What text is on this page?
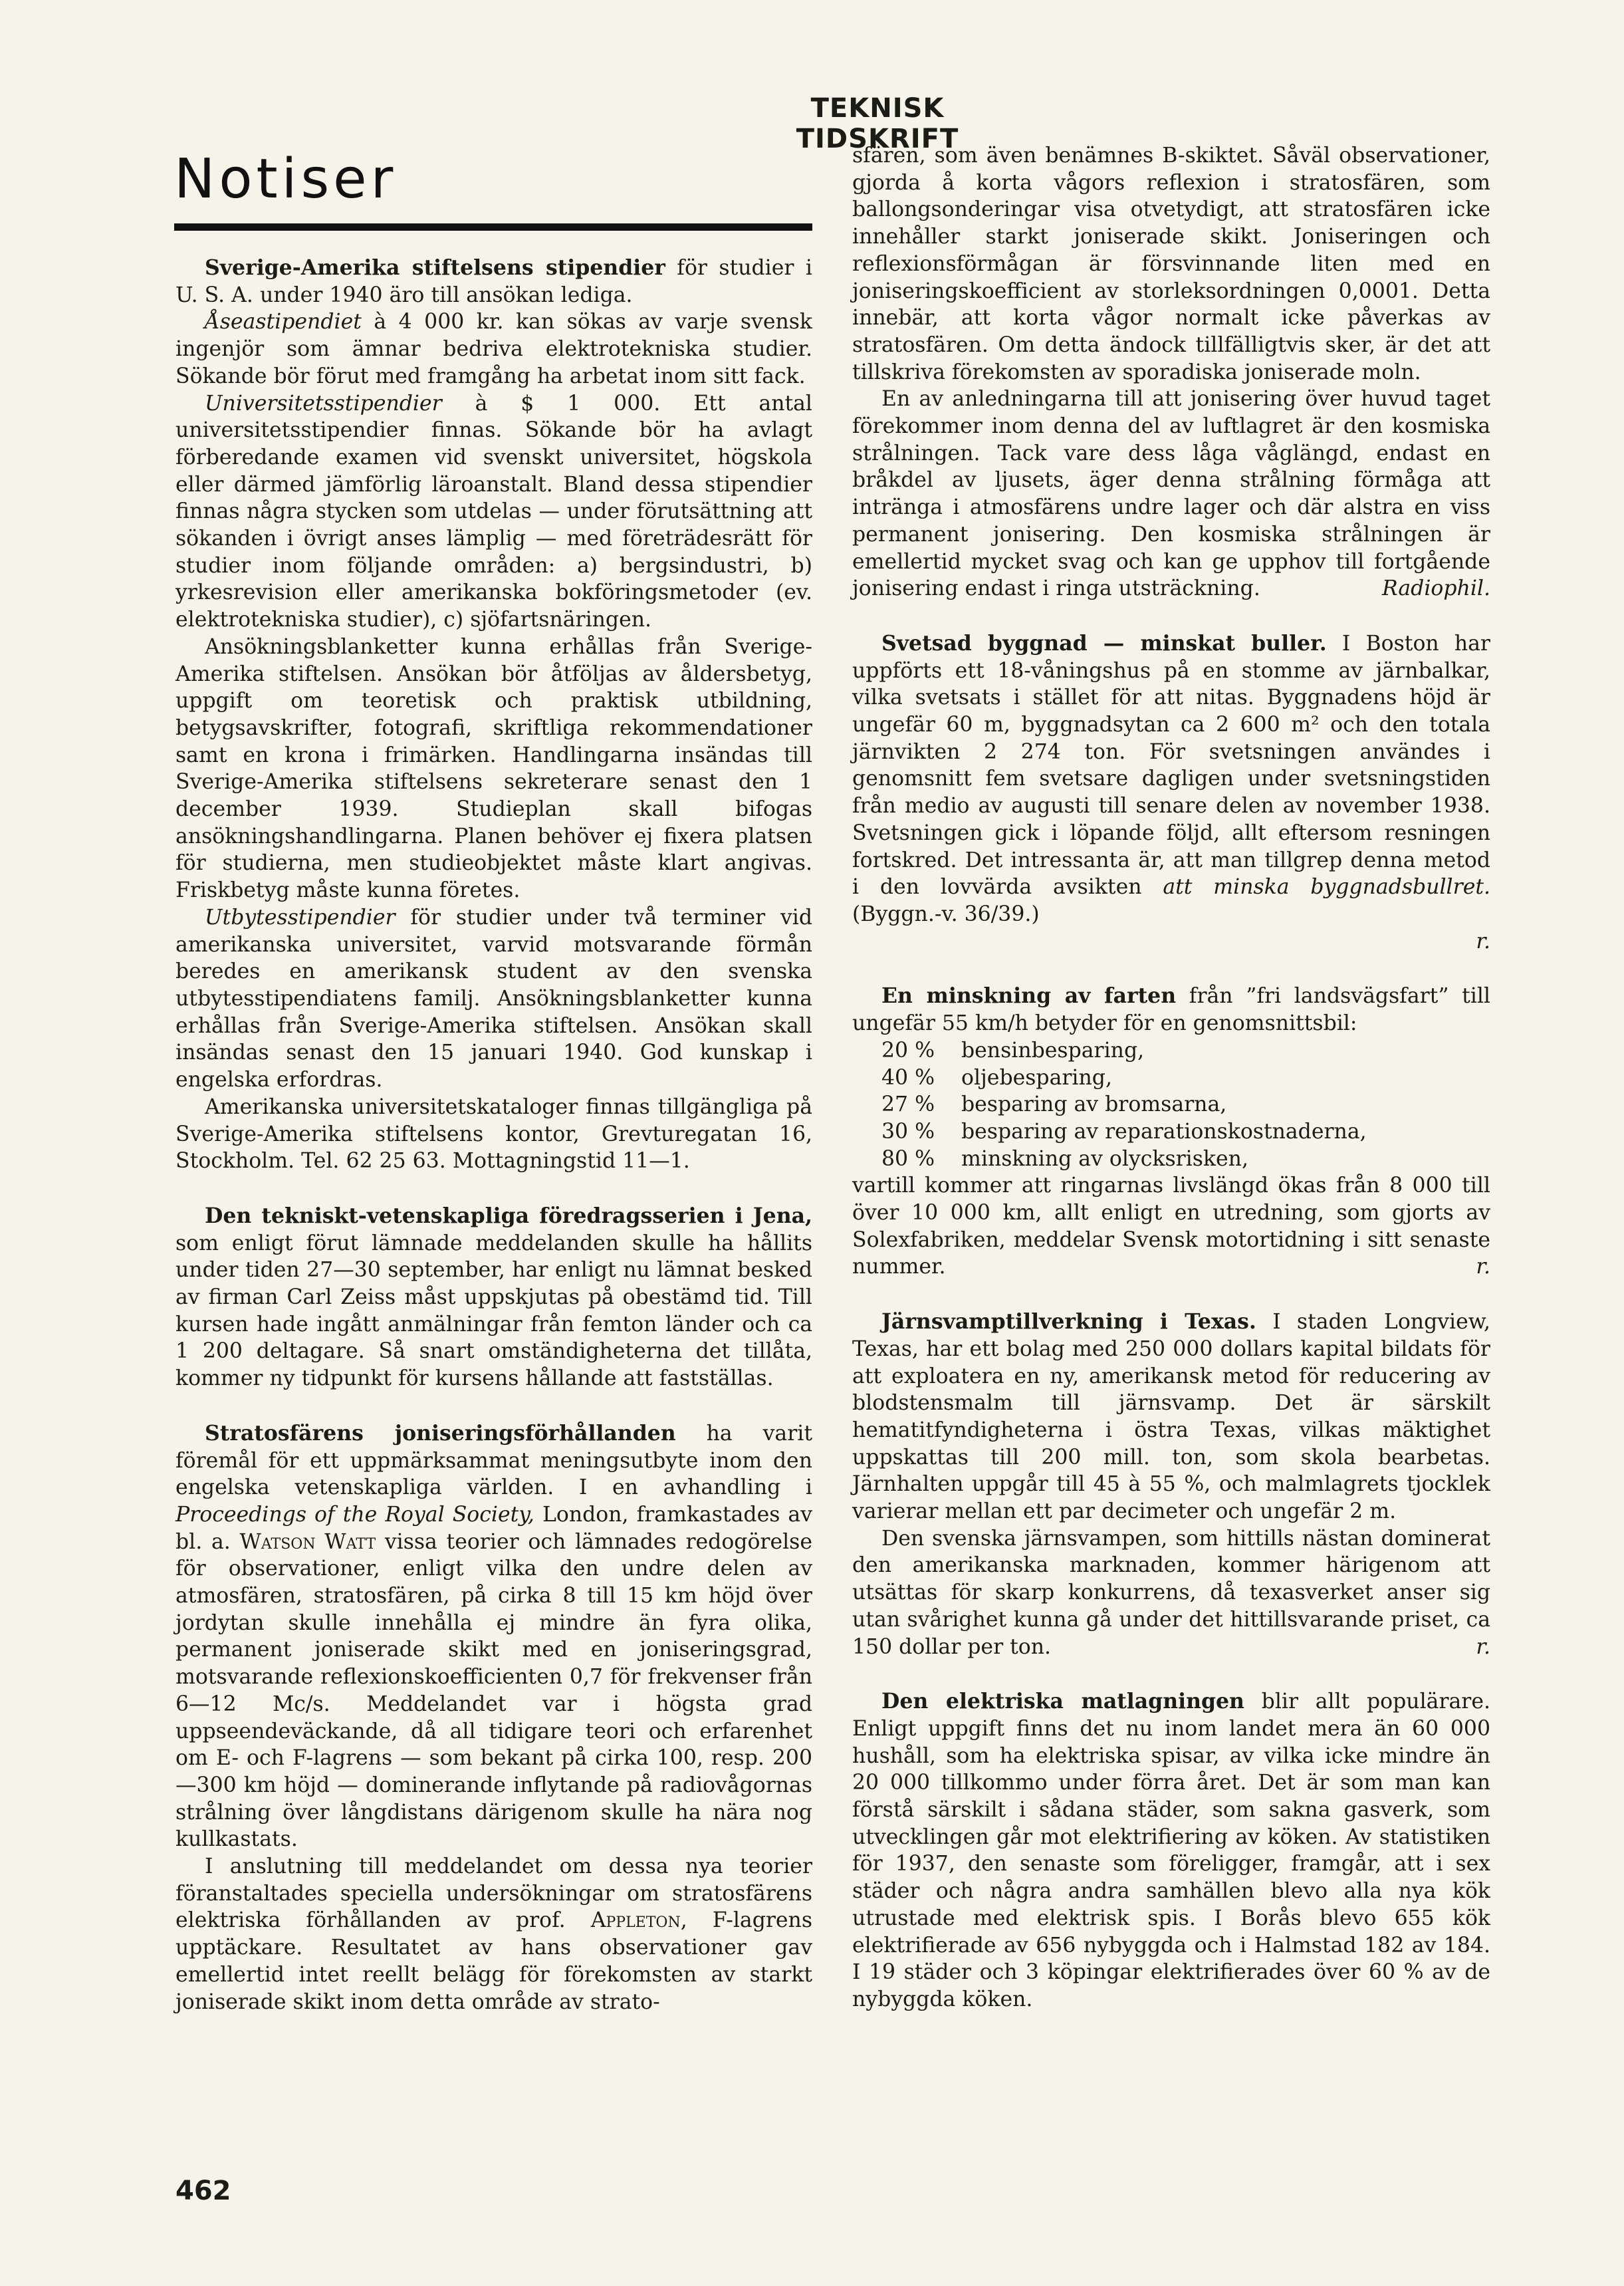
TEKNISK TIDSKRIFT
Notiser

Sverige-Amerika stiftelsens stipendier för studier i U. S. A. under 1940 äro till ansökan lediga.

Åseastipendiet à 4 000 kr. kan sökas av varje svensk ingenjör som ämnar bedriva elektrotekniska studier. Sökande bör förut med framgång ha arbetat inom sitt fack.

Universitetsstipendier à $ 1 000. Ett antal universitetsstipendier finnas. Sökande bör ha avlagt förberedande examen vid svenskt universitet, högskola eller därmed jämförlig läroanstalt. Bland dessa stipendier finnas några stycken som utdelas — under förutsättning att sökanden i övrigt anses lämplig — med företrädesrätt för studier inom följande områden: a) bergsindustri, b) yrkesrevision eller amerikanska bokföringsmetoder (ev. elektrotekniska studier), c) sjöfartsnäringen.

Ansökningsblanketter kunna erhållas från Sverige-Amerika stiftelsen. Ansökan bör åtföljas av åldersbetyg, uppgift om teoretisk och praktisk utbildning, betygsavskrifter, fotografi, skriftliga rekommendationer samt en krona i frimärken. Handlingarna insändas till Sverige-Amerika stiftelsens sekreterare senast den 1 december 1939. Studieplan skall bifogas ansökningshandlingarna. Planen behöver ej fixera platsen för studierna, men studieobjektet måste klart angivas. Friskbetyg måste kunna företes.

Utbytesstipendier för studier under två terminer vid amerikanska universitet, varvid motsvarande förmån beredes en amerikansk student av den svenska utbytesstipendiatens familj. Ansökningsblanketter kunna erhållas från Sverige-Amerika stiftelsen. Ansökan skall insändas senast den 15 januari 1940. God kunskap i engelska erfordras.

Amerikanska universitetskataloger finnas tillgängliga på Sverige-Amerika stiftelsens kontor, Grevturegatan 16, Stockholm. Tel. 62 25 63. Mottagningstid 11—1.

Den tekniskt-vetenskapliga föredragsserien i Jena, som enligt förut lämnade meddelanden skulle ha hållits under tiden 27—30 september, har enligt nu lämnat besked av firman Carl Zeiss måst uppskjutas på obestämd tid. Till kursen hade ingått anmälningar från femton länder och ca 1 200 deltagare. Så snart omständigheterna det tillåta, kommer ny tidpunkt för kursens hållande att fastställas.

Stratosfärens joniseringsförhållanden ha varit föremål för ett uppmärksammat meningsutbyte inom den engelska vetenskapliga världen. I en avhandling i Proceedings of the Royal Society, London, framkastades av bl. a. Watson Watt vissa teorier och lämnades redogörelse för observationer, enligt vilka den undre delen av atmosfären, stratosfären, på cirka 8 till 15 km höjd över jordytan skulle innehålla ej mindre än fyra olika, permanent joniserade skikt med en joniseringsgrad, motsvarande reflexionskoefficienten 0,7 för frekvenser från 6—12 Mc/s. Meddelandet var i högsta grad uppseendeväckande, då all tidigare teori och erfarenhet om E- och F-lagrens — som bekant på cirka 100, resp. 200—300 km höjd — dominerande inflytande på radiovågornas strålning över långdistans därigenom skulle ha nära nog kullkastats.

I anslutning till meddelandet om dessa nya teorier föranstaltades speciella undersökningar om stratosfärens elektriska förhållanden av prof. Appleton, F-lagrens upptäckare. Resultatet av hans observationer gav emellertid intet reellt belägg för förekomsten av starkt joniserade skikt inom detta område av strato-

sfären, som även benämnes B-skiktet. Såväl observationer, gjorda å korta vågors reflexion i stratosfären, som ballongsonderingar visa otvetydigt, att stratosfären icke innehåller starkt joniserade skikt. Joniseringen och reflexionsförmågan är försvinnande liten med en joniseringskoefficient av storleksordningen 0,0001. Detta innebär, att korta vågor normalt icke påverkas av stratosfären. Om detta ändock tillfälligtvis sker, är det att tillskriva förekomsten av sporadiska joniserade moln.

En av anledningarna till att jonisering över huvud taget förekommer inom denna del av luftlagret är den kosmiska strålningen. Tack vare dess låga våglängd, endast en bråkdel av ljusets, äger denna strålning förmåga att intränga i atmosfärens undre lager och där alstra en viss permanent jonisering. Den kosmiska strålningen är emellertid mycket svag och kan ge upphov till fortgående jonisering endast i ringa utsträckning.	Radiophil.

Svetsad byggnad — minskat buller. I Boston har uppförts ett 18-våningshus på en stomme av järnbalkar, vilka svetsats i stället för att nitas. Byggnadens höjd är ungefär 60 m, byggnadsytan ca 2 600 m² och den totala järnvikten 2 274 ton. För svetsningen användes i genomsnitt fem svetsare dagligen under svetsningstiden från medio av augusti till senare delen av november 1938. Svetsningen gick i löpande följd, allt eftersom resningen fortskred. Det intressanta är, att man tillgrep denna metod i den lovvärda avsikten att minska byggnadsbullret. (Byggn.-v. 36/39.)

r.

En minskning av farten från ”fri landsvägsfart” till ungefär 55 km/h betyder för en genomsnittsbil:

20 % bensinbesparing,
40 % oljebesparing,
27 % besparing av bromsarna,
30 % besparing av reparationskostnaderna,
80 % minskning av olycksrisken,

vartill kommer att ringarnas livslängd ökas från 8 000 till över 10 000 km, allt enligt en utredning, som gjorts av Solexfabriken, meddelar Svensk motortidning i sitt senaste nummer.	r.

Järnsvamptillverkning i Texas. I staden Longview, Texas, har ett bolag med 250 000 dollars kapital bildats för att exploatera en ny, amerikansk metod för reducering av blodstensmalm till järnsvamp. Det är särskilt hematitfyndigheterna i östra Texas, vilkas mäktighet uppskattas till 200 mill. ton, som skola bearbetas. Järnhalten uppgår till 45 à 55 %, och malmlagrets tjocklek varierar mellan ett par decimeter och ungefär 2 m.

Den svenska järnsvampen, som hittills nästan dominerat den amerikanska marknaden, kommer härigenom att utsättas för skarp konkurrens, då texasverket anser sig utan svårighet kunna gå under det hittillsvarande priset, ca 150 dollar per ton.	r.

Den elektriska matlagningen blir allt populärare. Enligt uppgift finns det nu inom landet mera än 60 000 hushåll, som ha elektriska spisar, av vilka icke mindre än 20 000 tillkommo under förra året. Det är som man kan förstå särskilt i sådana städer, som sakna gasverk, som utvecklingen går mot elektrifiering av köken. Av statistiken för 1937, den senaste som föreligger, framgår, att i sex städer och några andra samhällen blevo alla nya kök utrustade med elektrisk spis. I Borås blevo 655 kök elektrifierade av 656 nybyggda och i Halmstad 182 av 184. I 19 städer och 3 köpingar elektrifierades över 60 % av de nybyggda köken.

462
